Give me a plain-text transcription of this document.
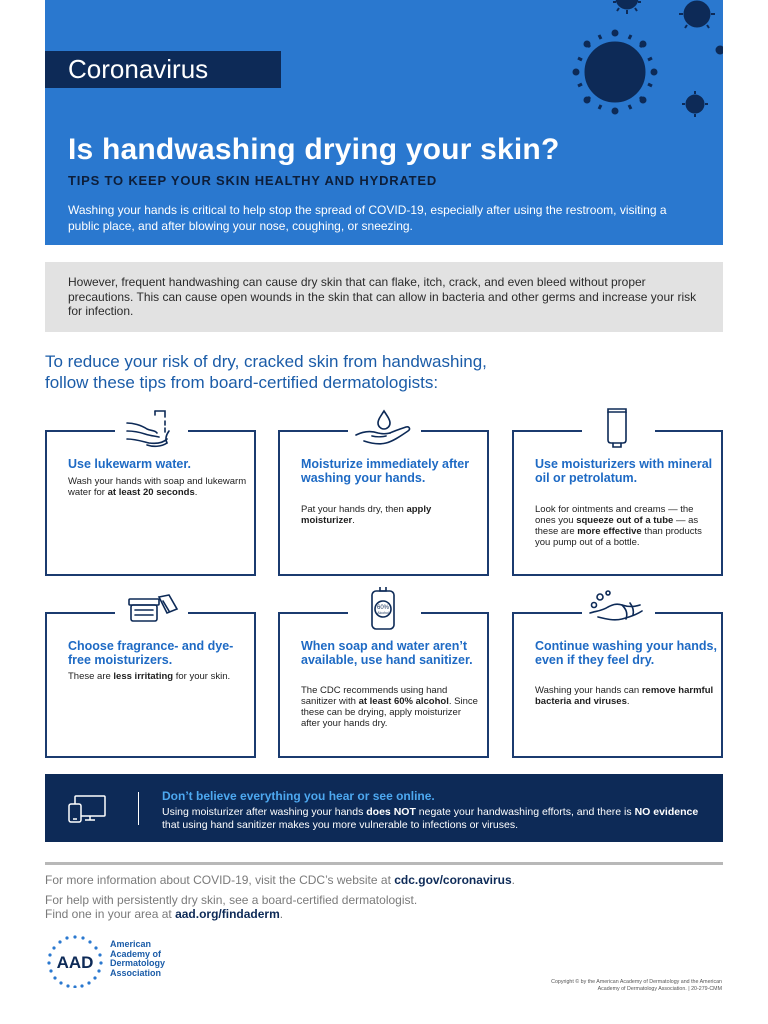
Coronavirus
Is handwashing drying your skin?
TIPS TO KEEP YOUR SKIN HEALTHY AND HYDRATED

Washing your hands is critical to help stop the spread of COVID-19, especially after using the restroom, visiting a public place, and after blowing your nose, coughing, or sneezing.

However, frequent handwashing can cause dry skin that can flake, itch, crack, and even bleed without proper precautions. This can cause open wounds in the skin that can allow in bacteria and other germs and increase your risk for infection.

To reduce your risk of dry, cracked skin from handwashing,
follow these tips from board-certified dermatologists:
Use lukewarm water.

Wash your hands with soap and lukewarm water for at least 20 seconds.

Moisturize immediately after washing your hands.

Pat your hands dry, then apply moisturizer.

Use moisturizers with mineral oil or petrolatum.

Look for ointments and creams — the ones you squeeze out of a tube — as these are more effective than products you pump out of a bottle.

Choose fragrance- and dye-free moisturizers.

These are less irritating for your skin.

60%
Alcohol
When soap and water aren’t available, use hand sanitizer.

The CDC recommends using hand sanitizer with at least 60% alcohol. Since these can be drying, apply moisturizer after your hands dry.

Continue washing your hands, even if they feel dry.

Washing your hands can remove harmful bacteria and viruses.

Don’t believe everything you hear or see online.

Using moisturizer after washing your hands does NOT negate your handwashing efforts, and there is NO evidence that using hand sanitizer makes you more vulnerable to infections or viruses.

For more information about COVID-19, visit the CDC’s website at cdc.gov/coronavirus.

For help with persistently dry skin, see a board-certified dermatologist.

Find one in your area at aad.org/findaderm.

AAD
American
Academy of
Dermatology
Association
Copyright © by the American Academy of Dermatology and the American
Academy of Dermatology Association. | 20-279-CMM
